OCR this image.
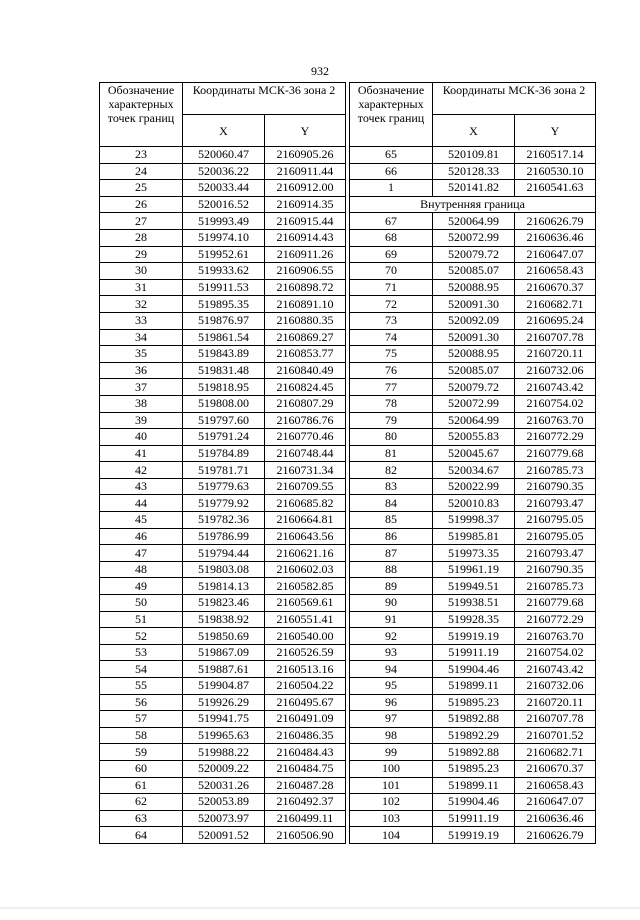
932
Обозначение характерных точек границ	Координаты МСК-36 зона 2	
	X	Y
23	520060.47	2160905.26
24	520036.22	2160911.44
25	520033.44	2160912.00
26	520016.52	2160914.35
27	519993.49	2160915.44
28	519974.10	2160914.43
29	519952.61	2160911.26
30	519933.62	2160906.55
31	519911.53	2160898.72
32	519895.35	2160891.10
33	519876.97	2160880.35
34	519861.54	2160869.27
35	519843.89	2160853.77
36	519831.48	2160840.49
37	519818.95	2160824.45
38	519808.00	2160807.29
39	519797.60	2160786.76
40	519791.24	2160770.46
41	519784.89	2160748.44
42	519781.71	2160731.34
43	519779.63	2160709.55
44	519779.92	2160685.82
45	519782.36	2160664.81
46	519786.99	2160643.56
47	519794.44	2160621.16
48	519803.08	2160602.03
49	519814.13	2160582.85
50	519823.46	2160569.61
51	519838.92	2160551.41
52	519850.69	2160540.00
53	519867.09	2160526.59
54	519887.61	2160513.16
55	519904.87	2160504.22
56	519926.29	2160495.67
57	519941.75	2160491.09
58	519965.63	2160486.35
59	519988.22	2160484.43
60	520009.22	2160484.75
61	520031.26	2160487.28
62	520053.89	2160492.37
63	520073.97	2160499.11
64	520091.52	2160506.90
Обозначение характерных точек границ	Координаты МСК-36 зона 2	
	X	Y
65	520109.81	2160517.14
66	520128.33	2160530.10
1	520141.82	2160541.63
Внутренняя граница		
67	520064.99	2160626.79
68	520072.99	2160636.46
69	520079.72	2160647.07
70	520085.07	2160658.43
71	520088.95	2160670.37
72	520091.30	2160682.71
73	520092.09	2160695.24
74	520091.30	2160707.78
75	520088.95	2160720.11
76	520085.07	2160732.06
77	520079.72	2160743.42
78	520072.99	2160754.02
79	520064.99	2160763.70
80	520055.83	2160772.29
81	520045.67	2160779.68
82	520034.67	2160785.73
83	520022.99	2160790.35
84	520010.83	2160793.47
85	519998.37	2160795.05
86	519985.81	2160795.05
87	519973.35	2160793.47
88	519961.19	2160790.35
89	519949.51	2160785.73
90	519938.51	2160779.68
91	519928.35	2160772.29
92	519919.19	2160763.70
93	519911.19	2160754.02
94	519904.46	2160743.42
95	519899.11	2160732.06
96	519895.23	2160720.11
97	519892.88	2160707.78
98	519892.29	2160701.52
99	519892.88	2160682.71
100	519895.23	2160670.37
101	519899.11	2160658.43
102	519904.46	2160647.07
103	519911.19	2160636.46
104	519919.19	2160626.79
